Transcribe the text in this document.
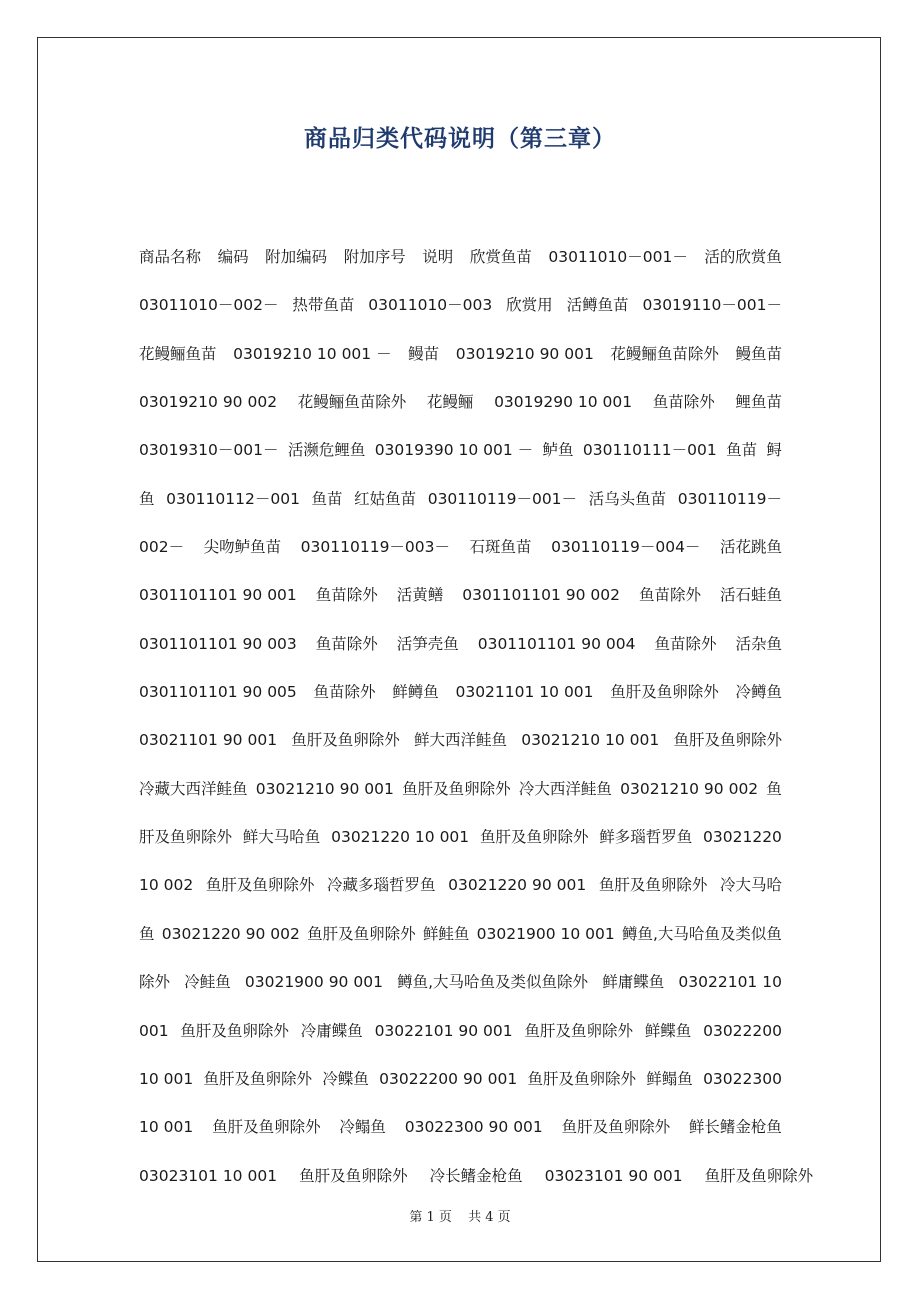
商品归类代码说明（第三章）
商品名称 编码 附加编码 附加序号 说明 欣赏鱼苗 03011010－001－ 活的欣赏鱼
03011010－002－ 热带鱼苗 03011010－003 欣赏用 活鳟鱼苗 03019110－001－
花鳗鲡鱼苗 03019210 10 001 － 鳗苗 03019210 90 001 花鳗鲡鱼苗除外 鳗鱼苗
03019210 90 002 花鳗鲡鱼苗除外 花鳗鲡 03019290 10 001 鱼苗除外 鲤鱼苗
03019310－001－ 活濒危鲤鱼 03019390 10 001 － 鲈鱼 030110111－001 鱼苗 鲟
鱼 030110112－001 鱼苗 红姑鱼苗 030110119－001－ 活乌头鱼苗 030110119－
002－ 尖吻鲈鱼苗 030110119－003－ 石斑鱼苗 030110119－004－ 活花跳鱼
0301101101 90 001 鱼苗除外 活黄鳝 0301101101 90 002 鱼苗除外 活石蛙鱼
0301101101 90 003 鱼苗除外 活笋壳鱼 0301101101 90 004 鱼苗除外 活杂鱼
0301101101 90 005 鱼苗除外 鲜鳟鱼 03021101 10 001 鱼肝及鱼卵除外 冷鳟鱼
03021101 90 001 鱼肝及鱼卵除外 鲜大西洋鲑鱼 03021210 10 001 鱼肝及鱼卵除外
冷藏大西洋鲑鱼 03021210 90 001 鱼肝及鱼卵除外 冷大西洋鲑鱼 03021210 90 002 鱼
肝及鱼卵除外 鲜大马哈鱼 03021220 10 001 鱼肝及鱼卵除外 鲜多瑙哲罗鱼 03021220
10 002 鱼肝及鱼卵除外 冷藏多瑙哲罗鱼 03021220 90 001 鱼肝及鱼卵除外 冷大马哈
鱼 03021220 90 002 鱼肝及鱼卵除外 鲜鲑鱼 03021900 10 001 鳟鱼,大马哈鱼及类似鱼
除外 冷鲑鱼 03021900 90 001 鳟鱼,大马哈鱼及类似鱼除外 鲜庸鲽鱼 03022101 10
001 鱼肝及鱼卵除外 冷庸鲽鱼 03022101 90 001 鱼肝及鱼卵除外 鲜鲽鱼 03022200
10 001 鱼肝及鱼卵除外 冷鲽鱼 03022200 90 001 鱼肝及鱼卵除外 鲜鳎鱼 03022300
10 001 鱼肝及鱼卵除外 冷鳎鱼 03022300 90 001 鱼肝及鱼卵除外 鲜长鳍金枪鱼
03023101 10 001 鱼肝及鱼卵除外 冷长鳍金枪鱼 03023101 90 001 鱼肝及鱼卵除外
第 1 页 共 4 页
